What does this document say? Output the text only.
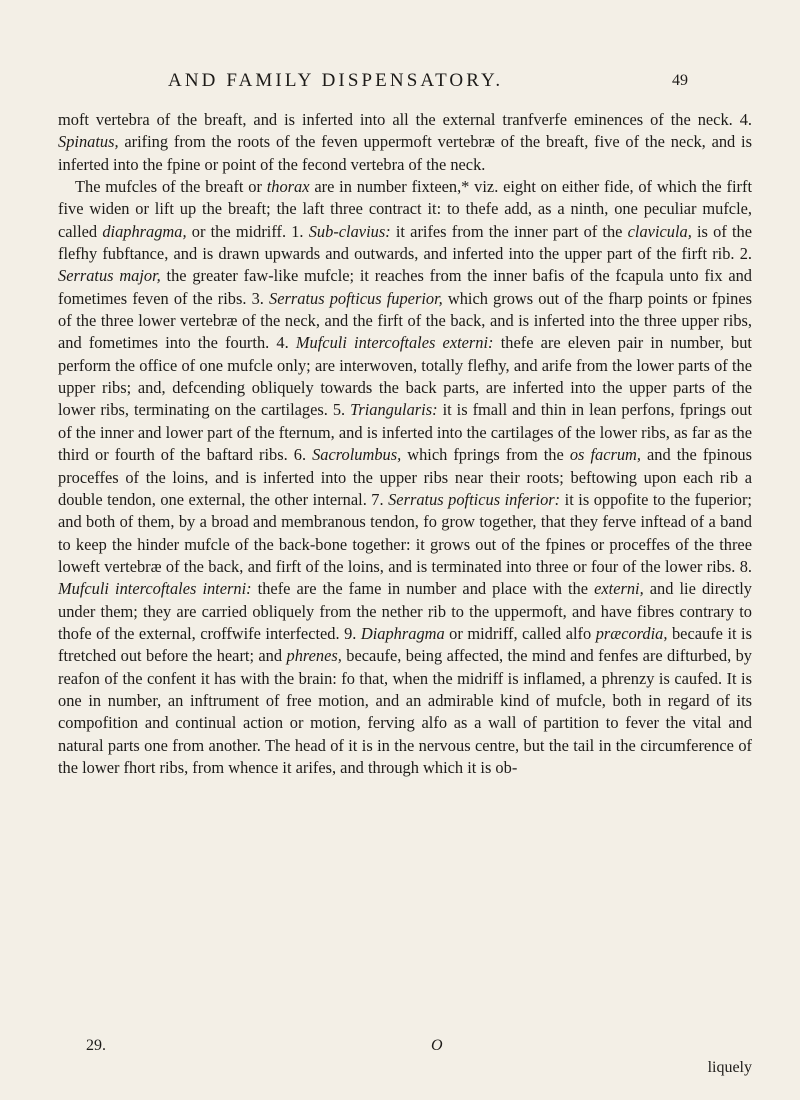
AND FAMILY DISPENSATORY.	49

moft vertebra of the breaft, and is inferted into all the external tranfverfe eminences of the neck. 4. Spinatus, arifing from the roots of the feven uppermoft vertebræ of the breaft, five of the neck, and is inferted into the fpine or point of the fecond vertebra of the neck.

The mufcles of the breaft or thorax are in number fixteen,* viz. eight on either fide, of which the firft five widen or lift up the breaft; the laft three contract it: to thefe add, as a ninth, one peculiar mufcle, called diaphragma, or the midriff. 1. Sub-clavius: it arifes from the inner part of the clavicula, is of the flefhy fubftance, and is drawn upwards and outwards, and inferted into the upper part of the firft rib. 2. Serratus major, the greater faw-like mufcle; it reaches from the inner bafis of the fcapula unto fix and fometimes feven of the ribs. 3. Serratus pofticus fuperior, which grows out of the fharp points or fpines of the three lower vertebræ of the neck, and the firft of the back, and is inferted into the three upper ribs, and fometimes into the fourth. 4. Mufculi intercoftales externi: thefe are eleven pair in number, but perform the office of one mufcle only; are interwoven, totally flefhy, and arife from the lower parts of the upper ribs; and, defcending obliquely towards the back parts, are inferted into the upper parts of the lower ribs, terminating on the cartilages. 5. Triangularis: it is fmall and thin in lean perfons, fprings out of the inner and lower part of the fternum, and is inferted into the cartilages of the lower ribs, as far as the third or fourth of the baftard ribs. 6. Sacrolumbus, which fprings from the os facrum, and the fpinous proceffes of the loins, and is inferted into the upper ribs near their roots; beftowing upon each rib a double tendon, one external, the other internal. 7. Serratus pofticus inferior: it is oppofite to the fuperior; and both of them, by a broad and membranous tendon, fo grow together, that they ferve inftead of a band to keep the hinder mufcle of the back-bone together: it grows out of the fpines or proceffes of the three loweft vertebræ of the back, and firft of the loins, and is terminated into three or four of the lower ribs. 8. Mufculi intercoftales interni: thefe are the fame in number and place with the externi, and lie directly under them; they are carried obliquely from the nether rib to the uppermoft, and have fibres contrary to thofe of the external, croffwife interfected. 9. Diaphragma or midriff, called alfo præcordia, becaufe it is ftretched out before the heart; and phrenes, becaufe, being affected, the mind and fenfes are difturbed, by reafon of the confent it has with the brain: fo that, when the midriff is inflamed, a phrenzy is caufed. It is one in number, an inftrument of free motion, and an admirable kind of mufcle, both in regard of its compofition and continual action or motion, ferving alfo as a wall of partition to fever the vital and natural parts one from another. The head of it is in the nervous centre, but the tail in the circumference of the lower fhort ribs, from whence it arifes, and through which it is ob-

29.	O
liquely
